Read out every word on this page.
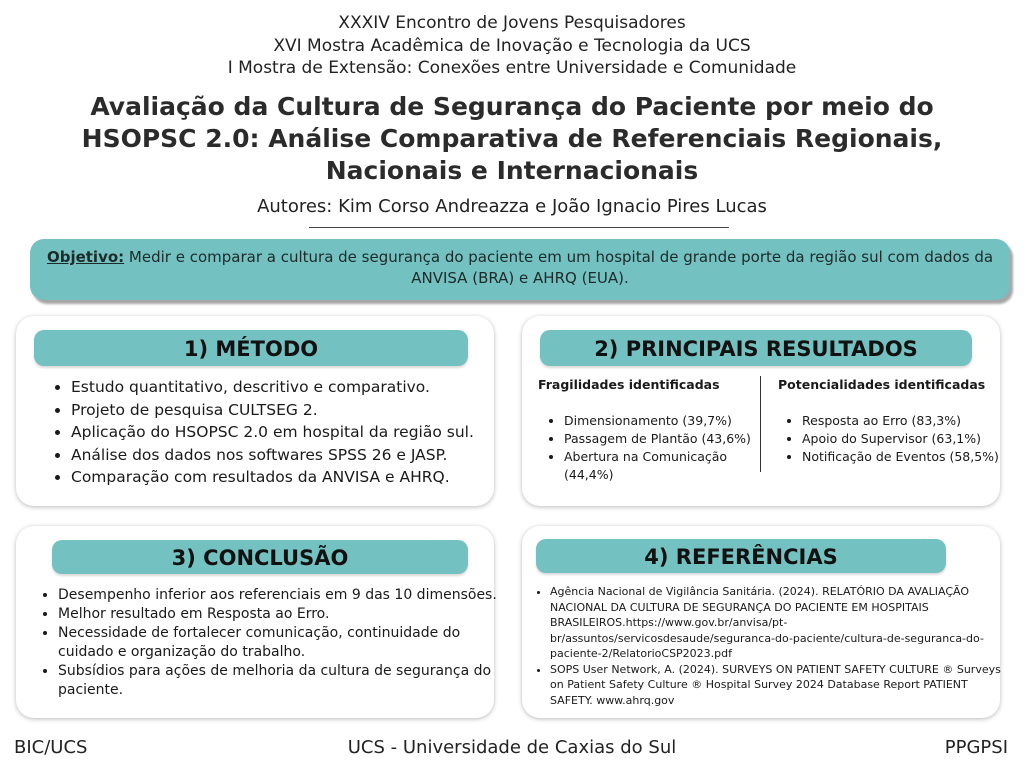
XXXIV Encontro de Jovens Pesquisadores
XVI Mostra Acadêmica de Inovação e Tecnologia da UCS
I Mostra de Extensão: Conexões entre Universidade e Comunidade
Avaliação da Cultura de Segurança do Paciente por meio do
HSOPSC 2.0: Análise Comparativa de Referenciais Regionais,
Nacionais e Internacionais
Autores: Kim Corso Andreazza e João Ignacio Pires Lucas
Objetivo: Medir e comparar a cultura de segurança do paciente em um hospital de grande porte da região sul com dados da ANVISA (BRA) e AHRQ (EUA).
1) MÉTODO
• Estudo quantitativo, descritivo e comparativo.
• Projeto de pesquisa CULTSEG 2.
• Aplicação do HSOPSC 2.0 em hospital da região sul.
• Análise dos dados nos softwares SPSS 26 e JASP.
• Comparação com resultados da ANVISA e AHRQ.
2) PRINCIPAIS RESULTADOS
Fragilidades identificadas	Potencialidades identificadas
• Dimensionamento (39,7%)
• Passagem de Plantão (43,6%)
• Abertura na Comunicação (44,4%)
• Resposta ao Erro (83,3%)
• Apoio do Supervisor (63,1%)
• Notificação de Eventos (58,5%)
3) CONCLUSÃO
• Desempenho inferior aos referenciais em 9 das 10 dimensões.
• Melhor resultado em Resposta ao Erro.
• Necessidade de fortalecer comunicação, continuidade do cuidado e organização do trabalho.
• Subsídios para ações de melhoria da cultura de segurança do paciente.
4) REFERÊNCIAS
• Agência Nacional de Vigilância Sanitária. (2024). RELATÓRIO DA AVALIAÇÃO NACIONAL DA CULTURA DE SEGURANÇA DO PACIENTE EM HOSPITAIS BRASILEIROS.https://www.gov.br/anvisa/pt-br/assuntos/servicosdesaude/seguranca-do-paciente/cultura-de-seguranca-do-paciente-2/RelatorioCSP2023.pdf
• SOPS User Network, A. (2024). SURVEYS ON PATIENT SAFETY CULTURE ® Surveys on Patient Safety Culture ® Hospital Survey 2024 Database Report PATIENT SAFETY. www.ahrq.gov
BIC/UCS	UCS - Universidade de Caxias do Sul	PPGPSI
